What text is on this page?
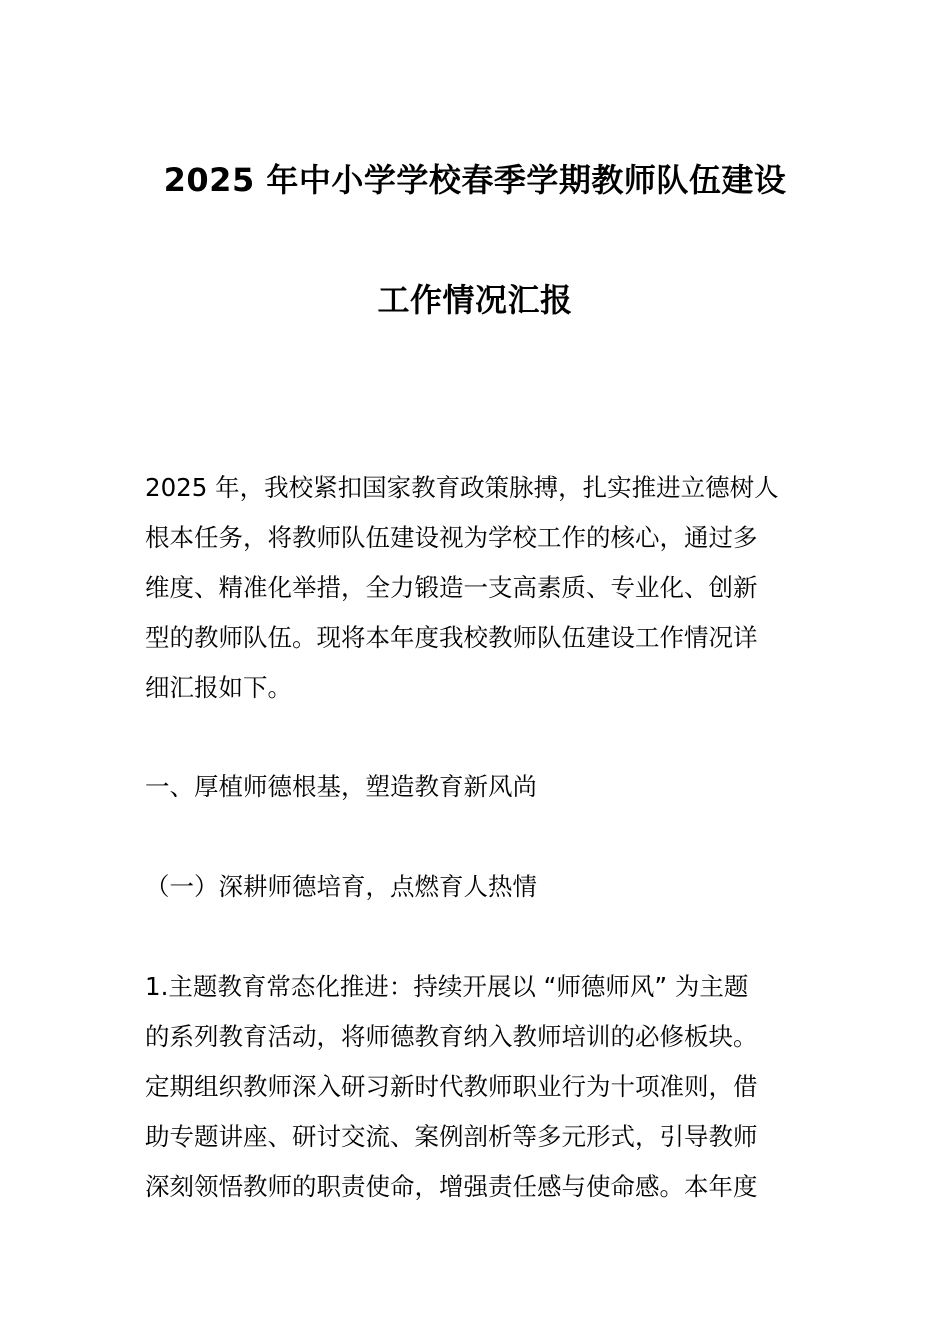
2025 年中小学学校春季学期教师队伍建设
工作情况汇报
2025 年，我校紧扣国家教育政策脉搏，扎实推进立德树人
根本任务，将教师队伍建设视为学校工作的核心，通过多
维度、精准化举措，全力锻造一支高素质、专业化、创新
型的教师队伍。现将本年度我校教师队伍建设工作情况详
细汇报如下。
一、厚植师德根基，塑造教育新风尚
（一）深耕师德培育，点燃育人热情
1.主题教育常态化推进：持续开展以 “师德师风” 为主题
的系列教育活动，将师德教育纳入教师培训的必修板块。
定期组织教师深入研习新时代教师职业行为十项准则，借
助专题讲座、研讨交流、案例剖析等多元形式，引导教师
深刻领悟教师的职责使命，增强责任感与使命感。本年度
